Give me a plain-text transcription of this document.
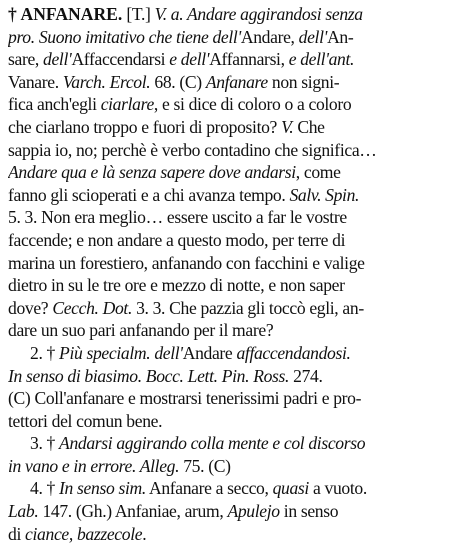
† ANFANARE. [T.] V. a. Andare aggirandosi senza
pro. Suono imitativo che tiene dell'Andare, dell'An-
sare, dell'Affaccendarsi e dell'Affannarsi, e dell'ant.
Vanare. Varch. Ercol. 68. (C) Anfanare non signi-
fica anch'egli ciarlare, e si dice di coloro o a coloro
che ciarlano troppo e fuori di proposito? V. Che
sappia io, no; perchè è verbo contadino che significa…
Andare qua e là senza sapere dove andarsi, come
fanno gli scioperati e a chi avanza tempo. Salv. Spin.
5. 3. Non era meglio… essere uscito a far le vostre
faccende; e non andare a questo modo, per terre di
marina un forestiero, anfanando con facchini e valige
dietro in su le tre ore e mezzo di notte, e non saper
dove? Cecch. Dot. 3. 3. Che pazzia gli toccò egli, an-
dare un suo pari anfanando per il mare?
2. † Più specialm. dell'Andare affaccendandosi.
In senso di biasimo. Bocc. Lett. Pin. Ross. 274.
(C) Coll'anfanare e mostrarsi tenerissimi padri e pro-
tettori del comun bene.
3. † Andarsi aggirando colla mente e col discorso
in vano e in errore. Alleg. 75. (C)
4. † In senso sim. Anfanare a secco, quasi a vuoto.
Lab. 147. (Gh.) Anfaniae, arum, Apulejo in senso
di ciance, bazzecole.
